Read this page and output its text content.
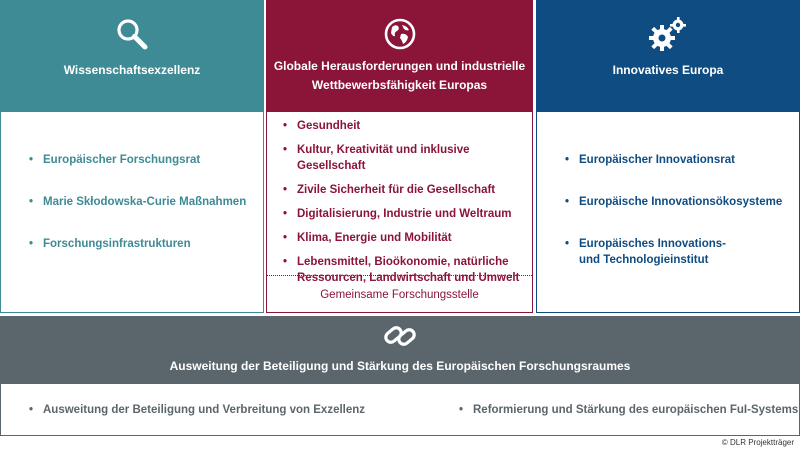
Wissenschaftsexzellenz
• Europäischer Forschungsrat
• Marie Skłodowska-Curie Maßnahmen
• Forschungsinfrastrukturen
Globale Herausforderungen und industrielle
Wettbewerbsfähigkeit Europas
• Gesundheit
• Kultur, Kreativität und inklusive Gesellschaft
• Zivile Sicherheit für die Gesellschaft
• Digitalisierung, Industrie und Weltraum
• Klima, Energie und Mobilität
• Lebensmittel, Bioökonomie, natürliche
Ressourcen, Landwirtschaft und Umwelt
Gemeinsame Forschungsstelle
Innovatives Europa
• Europäischer Innovationsrat
• Europäische Innovationsökosysteme
• Europäisches Innovations-
und Technologieinstitut
Ausweitung der Beteiligung und Stärkung des Europäischen Forschungsraumes
• Ausweitung der Beteiligung und Verbreitung von Exzellenz
•	Reformierung und Stärkung des europäischen FuI-Systems
© DLR Projektträger
